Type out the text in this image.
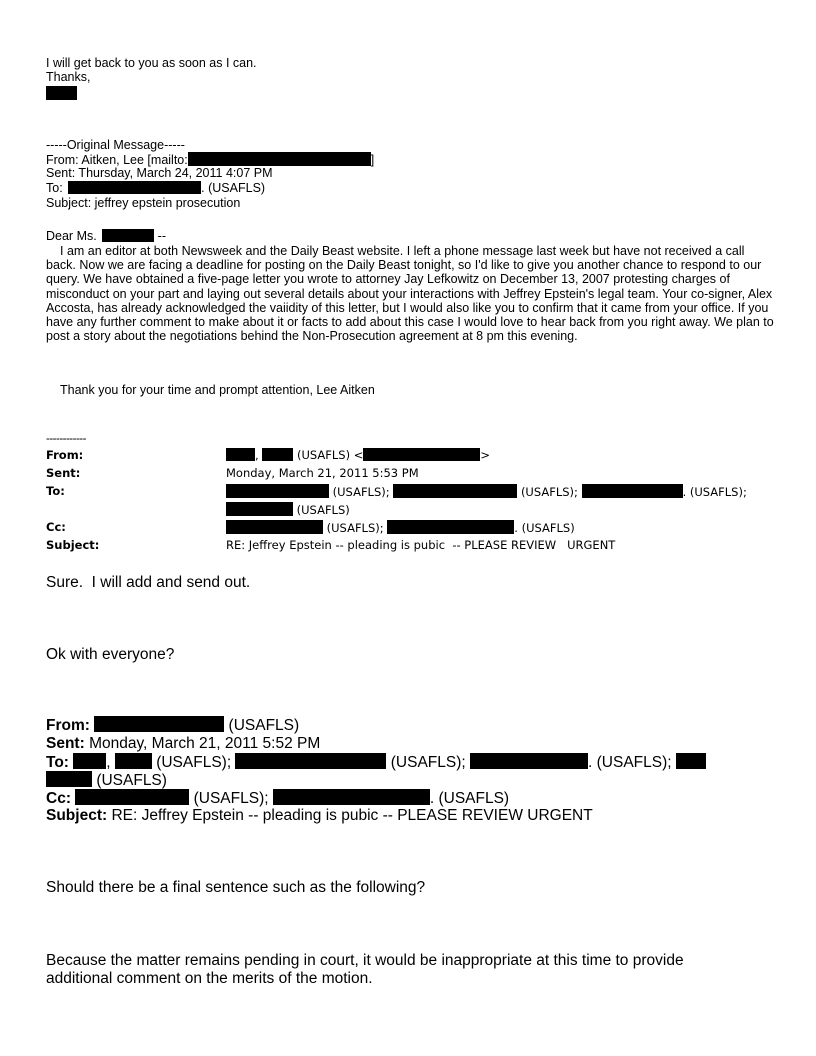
I will get back to you as soon as I can.
Thanks,
-----Original Message-----
From: Aitken, Lee [mailto:	]
Sent: Thursday, March 24, 2011 4:07 PM
To:	. (USAFLS)
Subject: jeffrey epstein prosecution
Dear Ms.	--
I am an editor at both Newsweek and the Daily Beast website. I left a phone message last week but have not received a call back. Now we are facing a deadline for posting on the Daily Beast tonight, so I'd like to give you another chance to respond to our query. We have obtained a five-page letter you wrote to attorney Jay Lefkowitz on December 13, 2007 protesting charges of misconduct on your part and laying out several details about your interactions with Jeffrey Epstein's legal team. Your co-signer, Alex Accosta, has already acknowledged the vaiidity of this letter, but I would also like you to confirm that it came from your office. If you have any further comment to make about it or facts to add about this case I would love to hear back from you right away. We plan to post a story about the negotiations behind the Non-Prosecution agreement at 8 pm this evening.
Thank you for your time and prompt attention, Lee Aitken
------------
From:	,	(USAFLS) <	>
Sent:	Monday, March 21, 2011 5:53 PM
To:	(USAFLS);	(USAFLS);	. (USAFLS);
(USAFLS)
Cc:	(USAFLS);	. (USAFLS)
Subject:	RE: Jeffrey Epstein -- pleading is pubic  -- PLEASE REVIEW   URGENT
Sure.  I will add and send out.
Ok with everyone?
From:	(USAFLS)
Sent: Monday, March 21, 2011 5:52 PM
To: ,	(USAFLS);	(USAFLS);	. (USAFLS);
(USAFLS)
Cc:	(USAFLS);	. (USAFLS)
Subject: RE: Jeffrey Epstein -- pleading is pubic -- PLEASE REVIEW URGENT
Should there be a final sentence such as the following?
Because the matter remains pending in court, it would be inappropriate at this time to provide additional comment on the merits of the motion.
